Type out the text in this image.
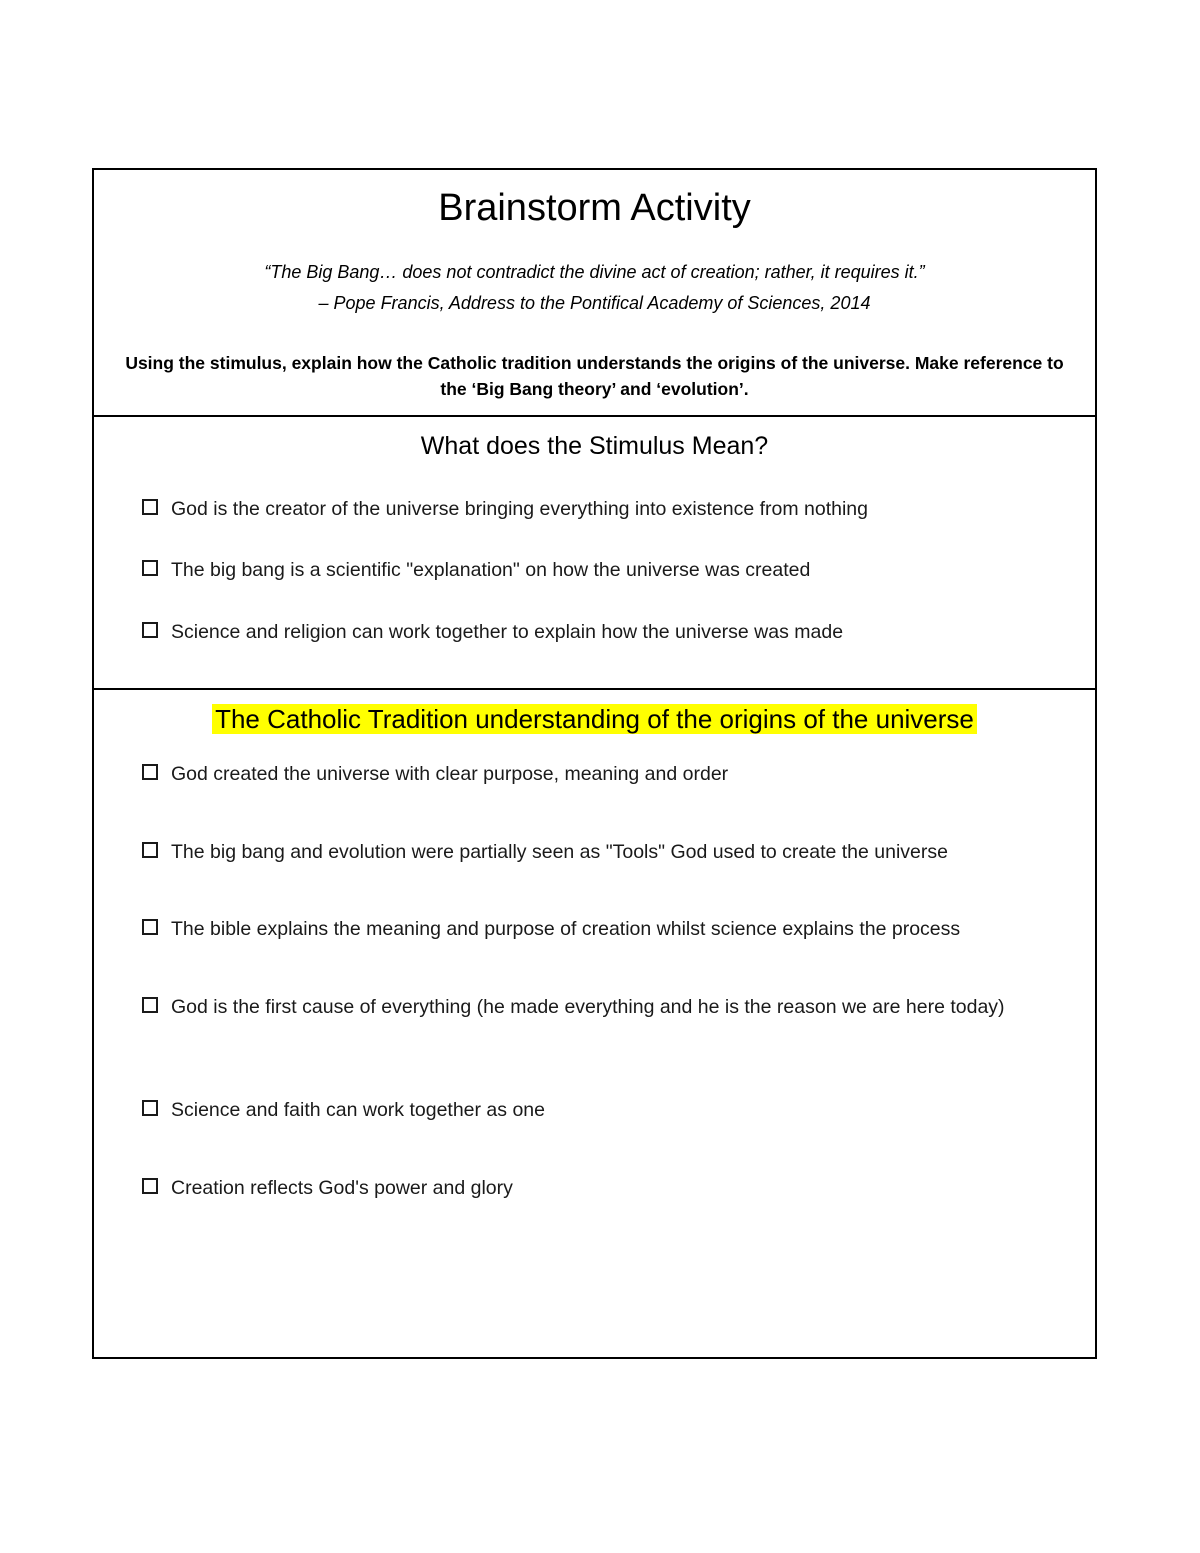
Brainstorm Activity
“The Big Bang… does not contradict the divine act of creation; rather, it requires it.”
– Pope Francis, Address to the Pontifical Academy of Sciences, 2014
Using the stimulus, explain how the Catholic tradition understands the origins of the universe. Make reference to the ‘Big Bang theory’ and ‘evolution’.
What does the Stimulus Mean?
God is the creator of the universe bringing everything into existence from nothing
The big bang is a scientific "explanation" on how the universe was created
Science and religion can work together to explain how the universe was made
The Catholic Tradition understanding of the origins of the universe
God created the universe with clear purpose, meaning and order
The big bang and evolution were partially seen as "Tools" God used to create the universe
The bible explains the meaning and purpose of creation whilst science explains the process
God is the first cause of everything (he made everything and he is the reason we are here today)
Science and faith can work together as one
Creation reflects God's power and glory
